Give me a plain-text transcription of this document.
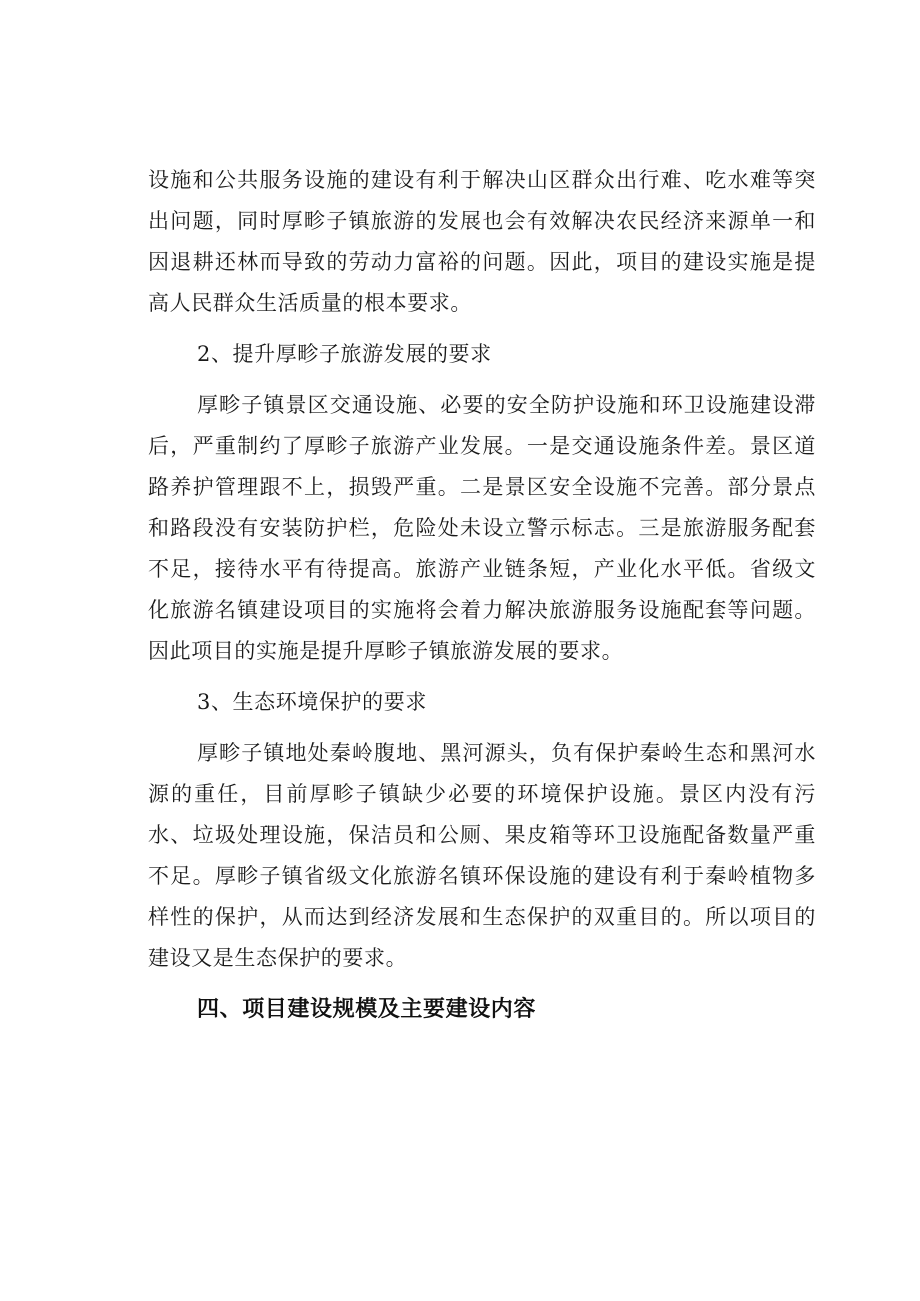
设施和公共服务设施的建设有利于解决山区群众出行难、吃水难等突出问题，同时厚畛子镇旅游的发展也会有效解决农民经济来源单一和因退耕还林而导致的劳动力富裕的问题。因此，项目的建设实施是提高人民群众生活质量的根本要求。

2、提升厚畛子旅游发展的要求

厚畛子镇景区交通设施、必要的安全防护设施和环卫设施建设滞后，严重制约了厚畛子旅游产业发展。一是交通设施条件差。景区道路养护管理跟不上，损毁严重。二是景区安全设施不完善。部分景点和路段没有安装防护栏，危险处未设立警示标志。三是旅游服务配套不足，接待水平有待提高。旅游产业链条短，产业化水平低。省级文化旅游名镇建设项目的实施将会着力解决旅游服务设施配套等问题。因此项目的实施是提升厚畛子镇旅游发展的要求。

3、生态环境保护的要求

厚畛子镇地处秦岭腹地、黑河源头，负有保护秦岭生态和黑河水源的重任，目前厚畛子镇缺少必要的环境保护设施。景区内没有污水、垃圾处理设施，保洁员和公厕、果皮箱等环卫设施配备数量严重不足。厚畛子镇省级文化旅游名镇环保设施的建设有利于秦岭植物多样性的保护，从而达到经济发展和生态保护的双重目的。所以项目的建设又是生态保护的要求。

四、项目建设规模及主要建设内容
